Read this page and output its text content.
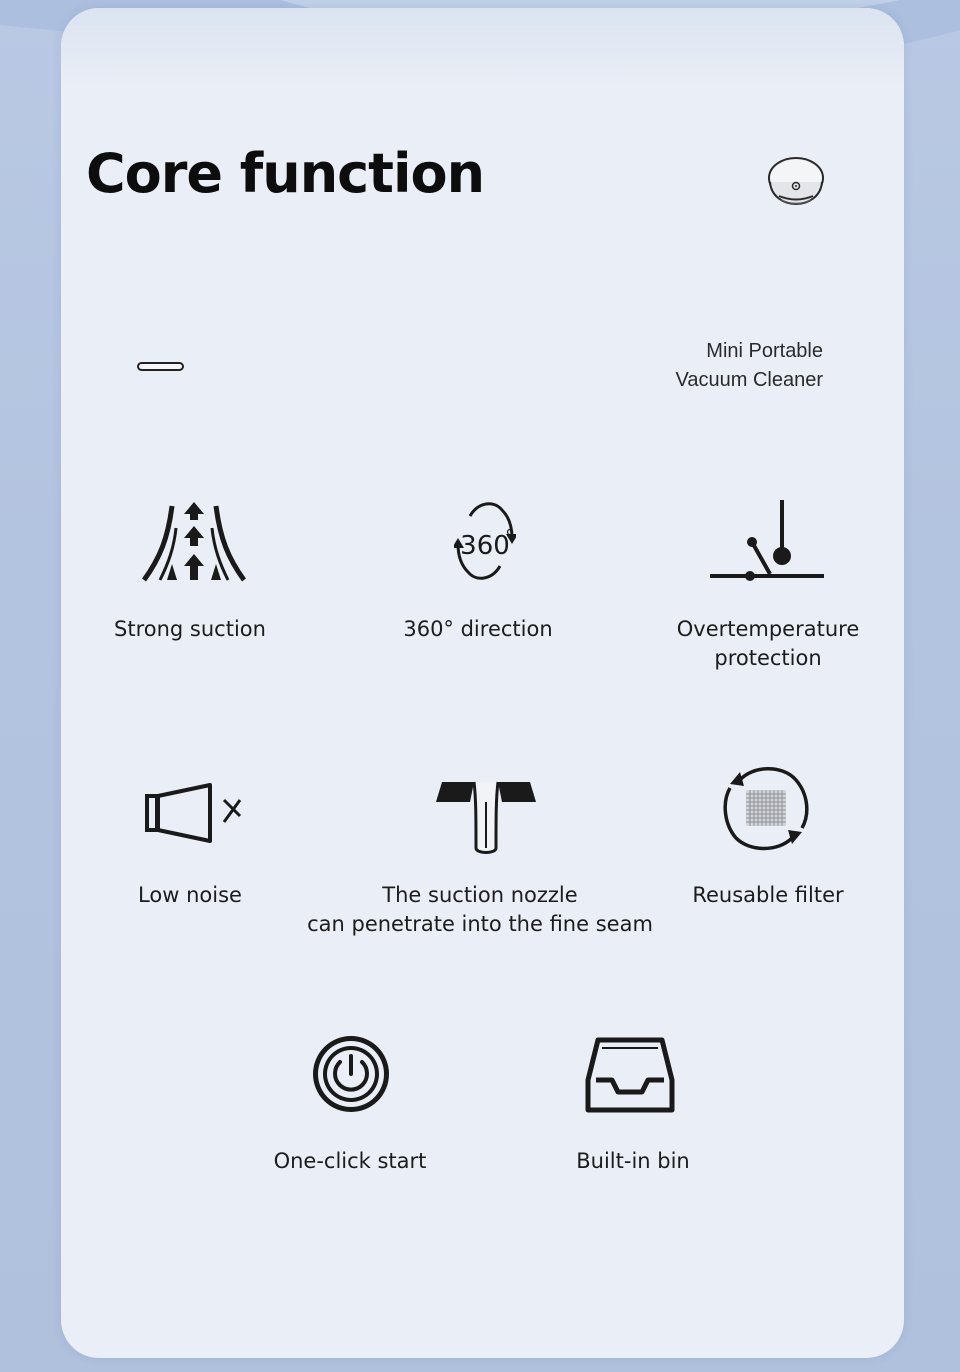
Core function
Mini Portable
Vacuum Cleaner
Strong suction
360
360° direction	Overtemperature
protection
Low noise	The suction nozzle
can penetrate into the fine seam
Reusable filter
One-click start	Built-in bin
